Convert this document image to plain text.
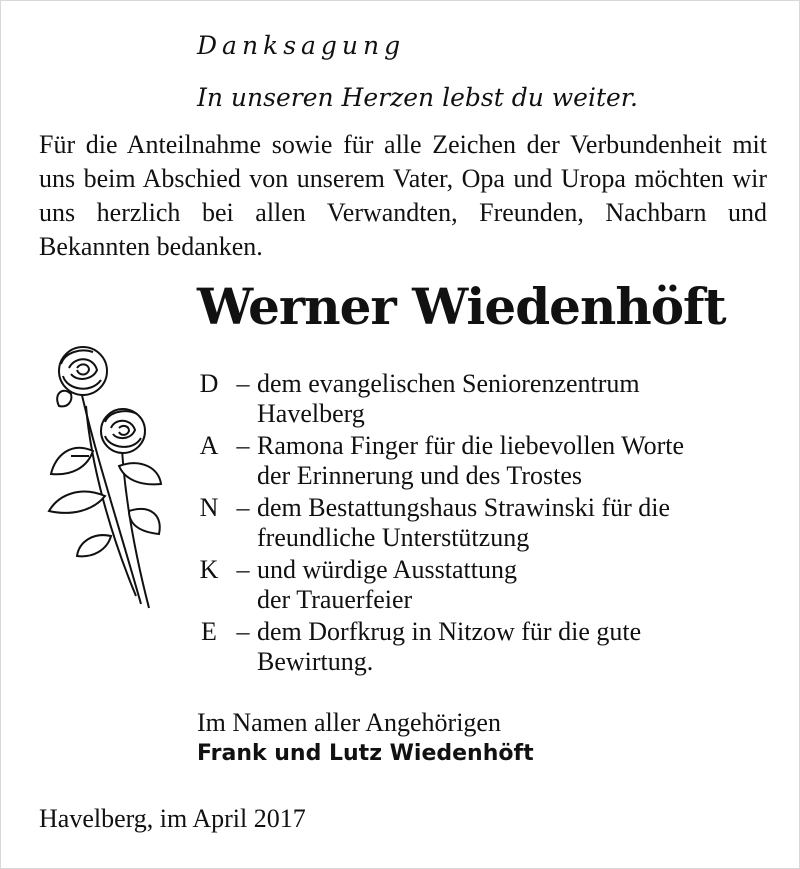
Danksagung
In unseren Herzen lebst du weiter.
Für die Anteilnahme sowie für alle Zeichen der Verbundenheit mit uns beim Abschied von unserem Vater, Opa und Uropa möchten wir uns herzlich bei allen Verwandten, Freunden, Nachbarn und Bekannten bedanken.
Werner Wiedenhöft
D – dem evangelischen Seniorenzentrum
Havelberg
A – Ramona Finger für die liebevollen Worte
der Erinnerung und des Trostes
N – dem Bestattungshaus Strawinski für die
freundliche Unterstützung
K – und würdige Ausstattung
der Trauerfeier
E – dem Dorfkrug in Nitzow für die gute
Bewirtung.
Im Namen aller Angehörigen
Frank und Lutz Wiedenhöft
Havelberg, im April 2017
